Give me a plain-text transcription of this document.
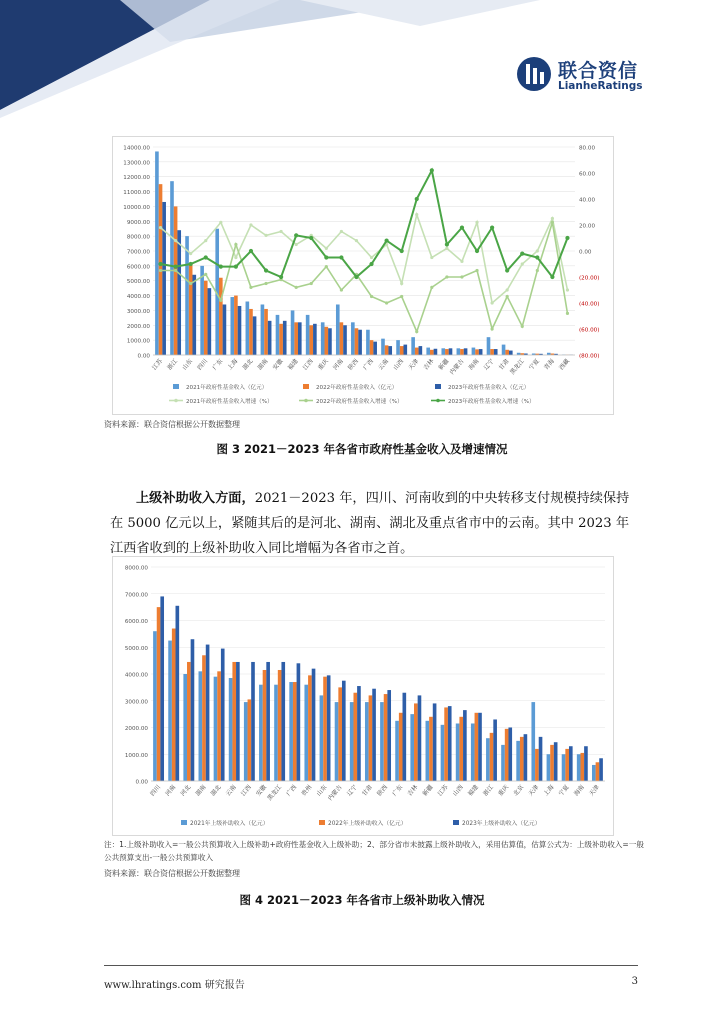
联合资信
LianheRatings
0.00
1000.00
2000.00
3000.00
4000.00
5000.00
6000.00
7000.00
8000.00
9000.00
10000.00
11000.00
12000.00
13000.00
14000.00
(80.00)
(60.00)
(40.00)
(20.00)
0.00
20.00
40.00
60.00
80.00
江苏 浙江 山东 四川 广东 上海 湖北 湖南 安徽 福建 江西 重庆 河南 陕西 广西 云南 山西 天津 吉林 新疆
内蒙古 海南 辽宁 甘肃
黑龙江 宁夏 青海 西藏
2021年政府性基金收入（亿元）	2022年政府性基金收入（亿元）	2023年政府性基金收入（亿元）
2021年政府性基金收入增速（%）	2022年政府性基金收入增速（%）	2023年政府性基金收入增速（%）
资料来源：联合资信根据公开数据整理
图 3 2021－2023 年各省市政府性基金收入及增速情况
上级补助收入方面，2021－2023 年，四川、河南收到的中央转移支付规模持续保持在 5000 亿元以上，紧随其后的是河北、湖南、湖北及重点省市中的云南。其中 2023 年江西省收到的上级补助收入同比增幅为各省市之首。
0.00
1000.00
2000.00
3000.00
4000.00
5000.00
6000.00
7000.00
8000.00
四川 河南 河北 湖南 湖北 云南 江西 安徽
黑龙江 广西 贵州 山东
内蒙古 辽宁 甘肃 陕西 广东 吉林 新疆 江苏 山西 福建 浙江 重庆 北京 天津 上海 宁夏 海南 天津
2021年上级补助收入（亿元）	2022年上级补助收入（亿元）	2023年上级补助收入（亿元）
注：1.上级补助收入=一般公共预算收入上级补助+政府性基金收入上级补助；2、部分省市未披露上级补助收入，采用估算值，估算公式为：上级补助收入=一般公共预算支出-一般公共预算收入
资料来源：联合资信根据公开数据整理
图 4 2021－2023 年各省市上级补助收入情况
www.lhratings.com 研究报告	3
